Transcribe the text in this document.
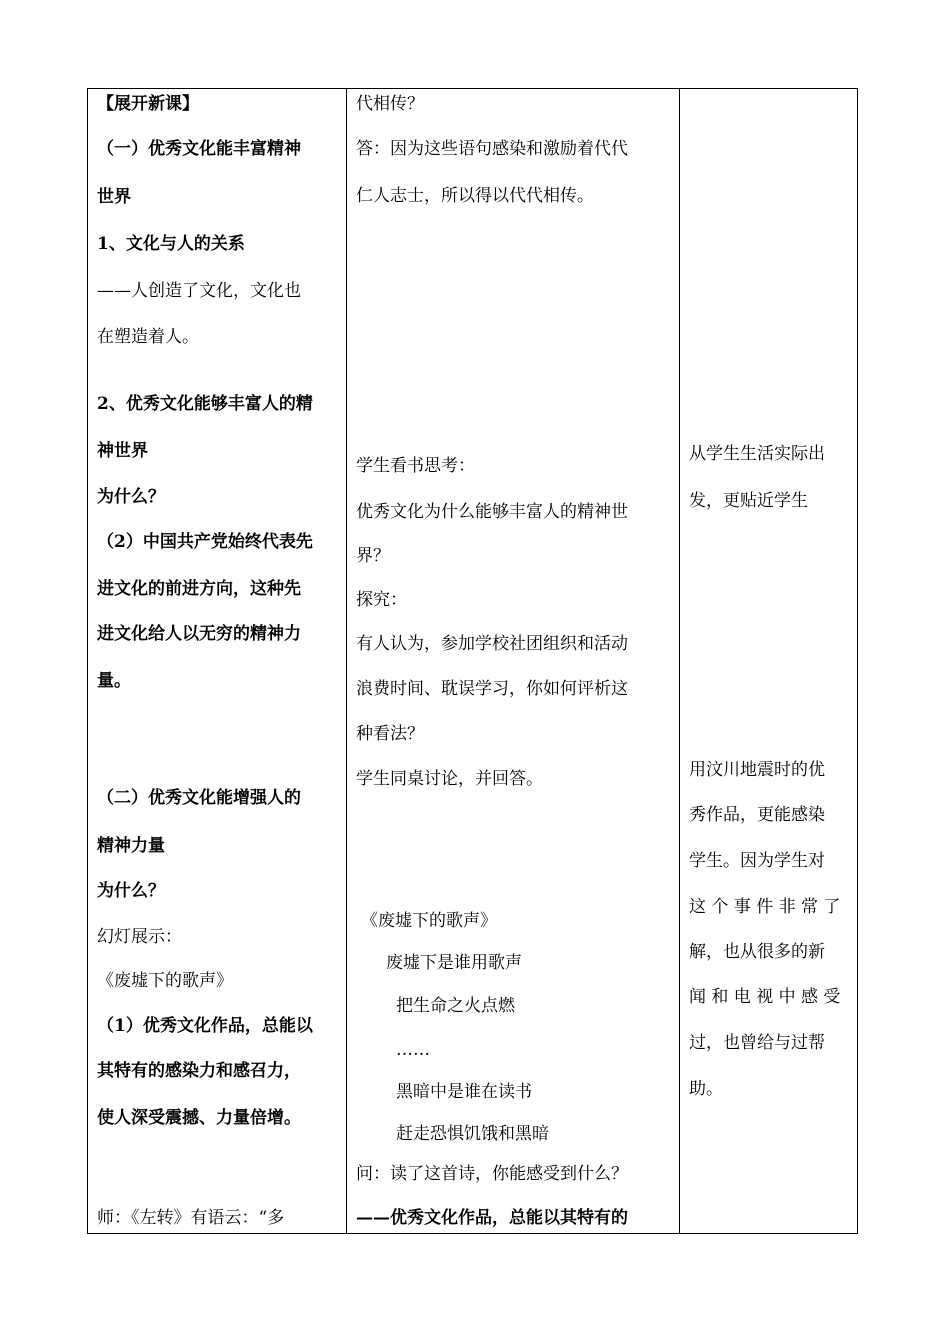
【展开新课】
（一）优秀文化能丰富精神
世界
1、文化与人的关系
——人创造了文化，文化也
在塑造着人。
2、优秀文化能够丰富人的精
神世界
为什么？
（2）中国共产党始终代表先
进文化的前进方向，这种先
进文化给人以无穷的精神力
量。
（二）优秀文化能增强人的
精神力量
为什么？
幻灯展示：
《废墟下的歌声》
（1）优秀文化作品，总能以
其特有的感染力和感召力，
使人深受震撼、力量倍增。
师：《左转》有语云：“多
代相传？
答：因为这些语句感染和激励着代代
仁人志士，所以得以代代相传。
学生看书思考：
优秀文化为什么能够丰富人的精神世
界？
探究：
有人认为，参加学校社团组织和活动
浪费时间、耽误学习，你如何评析这
种看法？
学生同桌讨论，并回答。
《废墟下的歌声》
废墟下是谁用歌声
把生命之火点燃
……
黑暗中是谁在读书
赶走恐惧饥饿和黑暗
问：读了这首诗，你能感受到什么？
——优秀文化作品，总能以其特有的
从学生生活实际出
发，更贴近学生
用汶川地震时的优
秀作品，更能感染
学生。因为学生对
这 个 事 件 非 常 了
解，也从很多的新
闻 和 电 视 中 感 受
过，也曾给与过帮
助。
